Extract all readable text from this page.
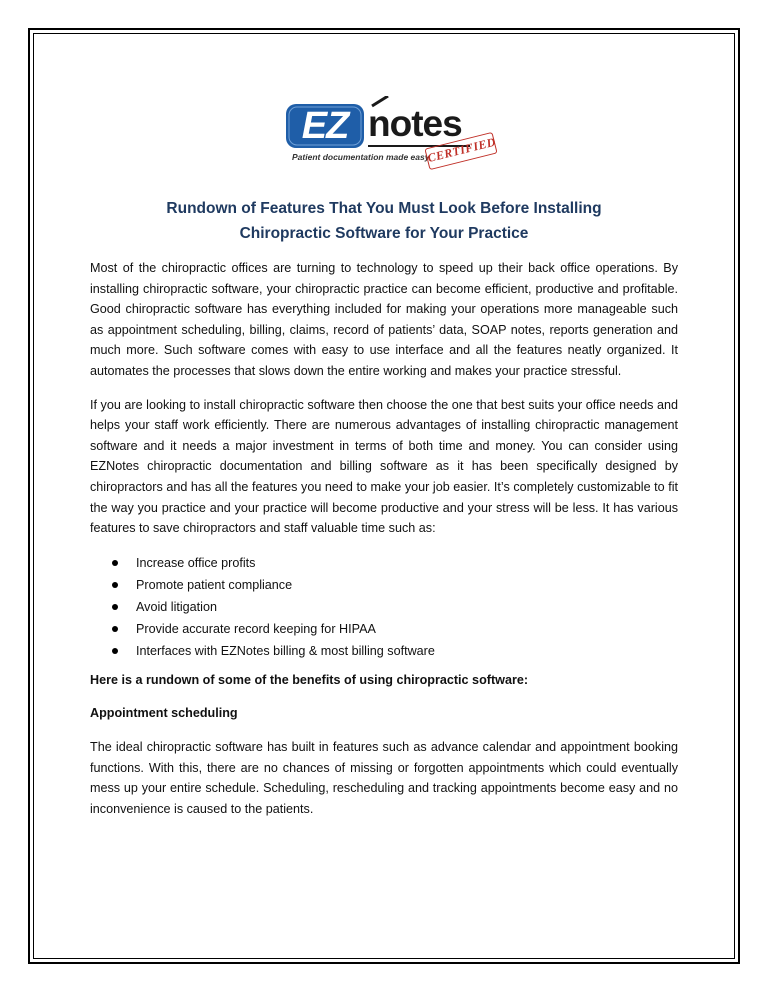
EZ notes
Patient documentation made easy
CERTIFIED
Rundown of Features That You Must Look Before Installing
Chiropractic Software for Your Practice

Most of the chiropractic offices are turning to technology to speed up their back office operations. By installing chiropractic software, your chiropractic practice can become efficient, productive and profitable. Good chiropractic software has everything included for making your operations more manageable such as appointment scheduling, billing, claims, record of patients’ data, SOAP notes, reports generation and much more. Such software comes with easy to use interface and all the features neatly organized. It automates the processes that slows down the entire working and makes your practice stressful.

If you are looking to install chiropractic software then choose the one that best suits your office needs and helps your staff work efficiently. There are numerous advantages of installing chiropractic management software and it needs a major investment in terms of both time and money. You can consider using EZNotes chiropractic documentation and billing software as it has been specifically designed by chiropractors and has all the features you need to make your job easier. It’s completely customizable to fit the way you practice and your practice will become productive and your stress will be less. It has various features to save chiropractors and staff valuable time such as:

Increase office profits
Promote patient compliance
Avoid litigation
Provide accurate record keeping for HIPAA
Interfaces with EZNotes billing & most billing software

Here is a rundown of some of the benefits of using chiropractic software:

Appointment scheduling

The ideal chiropractic software has built in features such as advance calendar and appointment booking functions. With this, there are no chances of missing or forgotten appointments which could eventually mess up your entire schedule. Scheduling, rescheduling and tracking appointments become easy and no inconvenience is caused to the patients.
